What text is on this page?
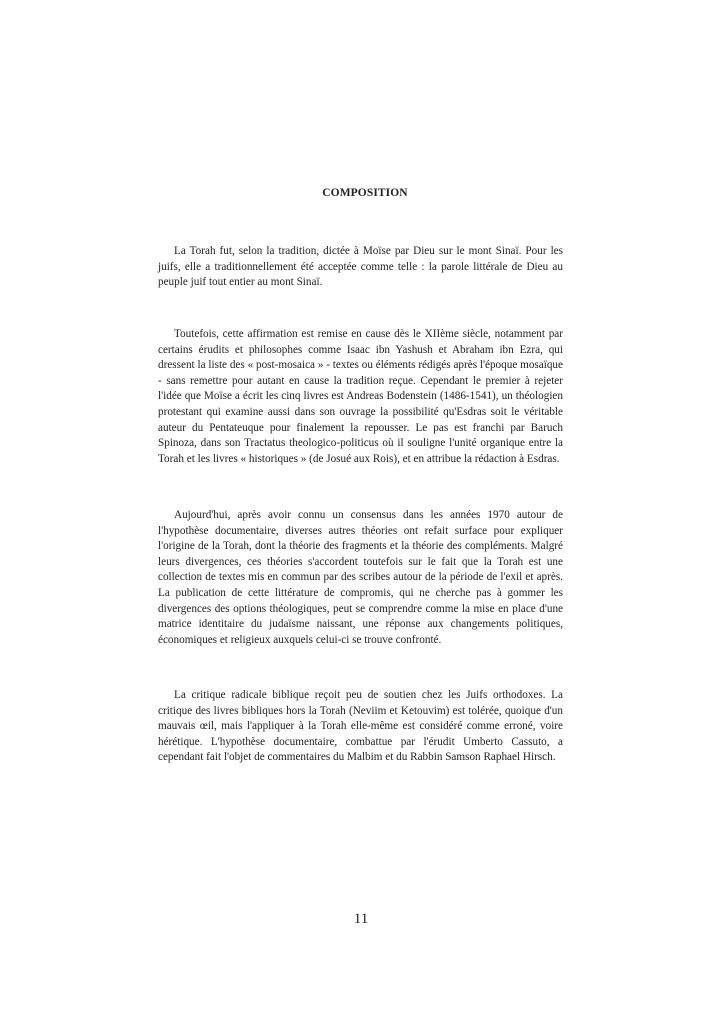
COMPOSITION

La Torah fut, selon la tradition, dictée à Moïse par Dieu sur le mont Sinaï. Pour les juifs, elle a traditionnellement été acceptée comme telle : la parole littérale de Dieu au peuple juif tout entier au mont Sinaï.

Toutefois, cette affirmation est remise en cause dès le XIIème siècle, notamment par certains érudits et philosophes comme Isaac ibn Yashush et Abraham ibn Ezra, qui dressent la liste des « post-mosaica » - textes ou éléments rédigés après l'époque mosaïque - sans remettre pour autant en cause la tradition reçue. Cependant le premier à rejeter l'idée que Moïse a écrit les cinq livres est Andreas Bodenstein (1486-1541), un théologien protestant qui examine aussi dans son ouvrage la possibilité qu'Esdras soit le véritable auteur du Pentateuque pour finalement la repousser. Le pas est franchi par Baruch Spinoza, dans son Tractatus theologico-politicus où il souligne l'unité organique entre la Torah et les livres « historiques » (de Josué aux Rois), et en attribue la rédaction à Esdras.

Aujourd'hui, après avoir connu un consensus dans les années 1970 autour de l'hypothèse documentaire, diverses autres théories ont refait surface pour expliquer l'origine de la Torah, dont la théorie des fragments et la théorie des compléments. Malgré leurs divergences, ces théories s'accordent toutefois sur le fait que la Torah est une collection de textes mis en commun par des scribes autour de la période de l'exil et après. La publication de cette littérature de compromis, qui ne cherche pas à gommer les divergences des options théologiques, peut se comprendre comme la mise en place d'une matrice identitaire du judaïsme naissant, une réponse aux changements politiques, économiques et religieux auxquels celui-ci se trouve confronté.

La critique radicale biblique reçoit peu de soutien chez les Juifs orthodoxes. La critique des livres bibliques hors la Torah (Neviim et Ketouvim) est tolérée, quoique d'un mauvais œil, mais l'appliquer à la Torah elle-même est considéré comme erroné, voire hérétique. L'hypothèse documentaire, combattue par l'érudit Umberto Cassuto, a cependant fait l'objet de commentaires du Malbim et du Rabbin Samson Raphael Hirsch.

11
